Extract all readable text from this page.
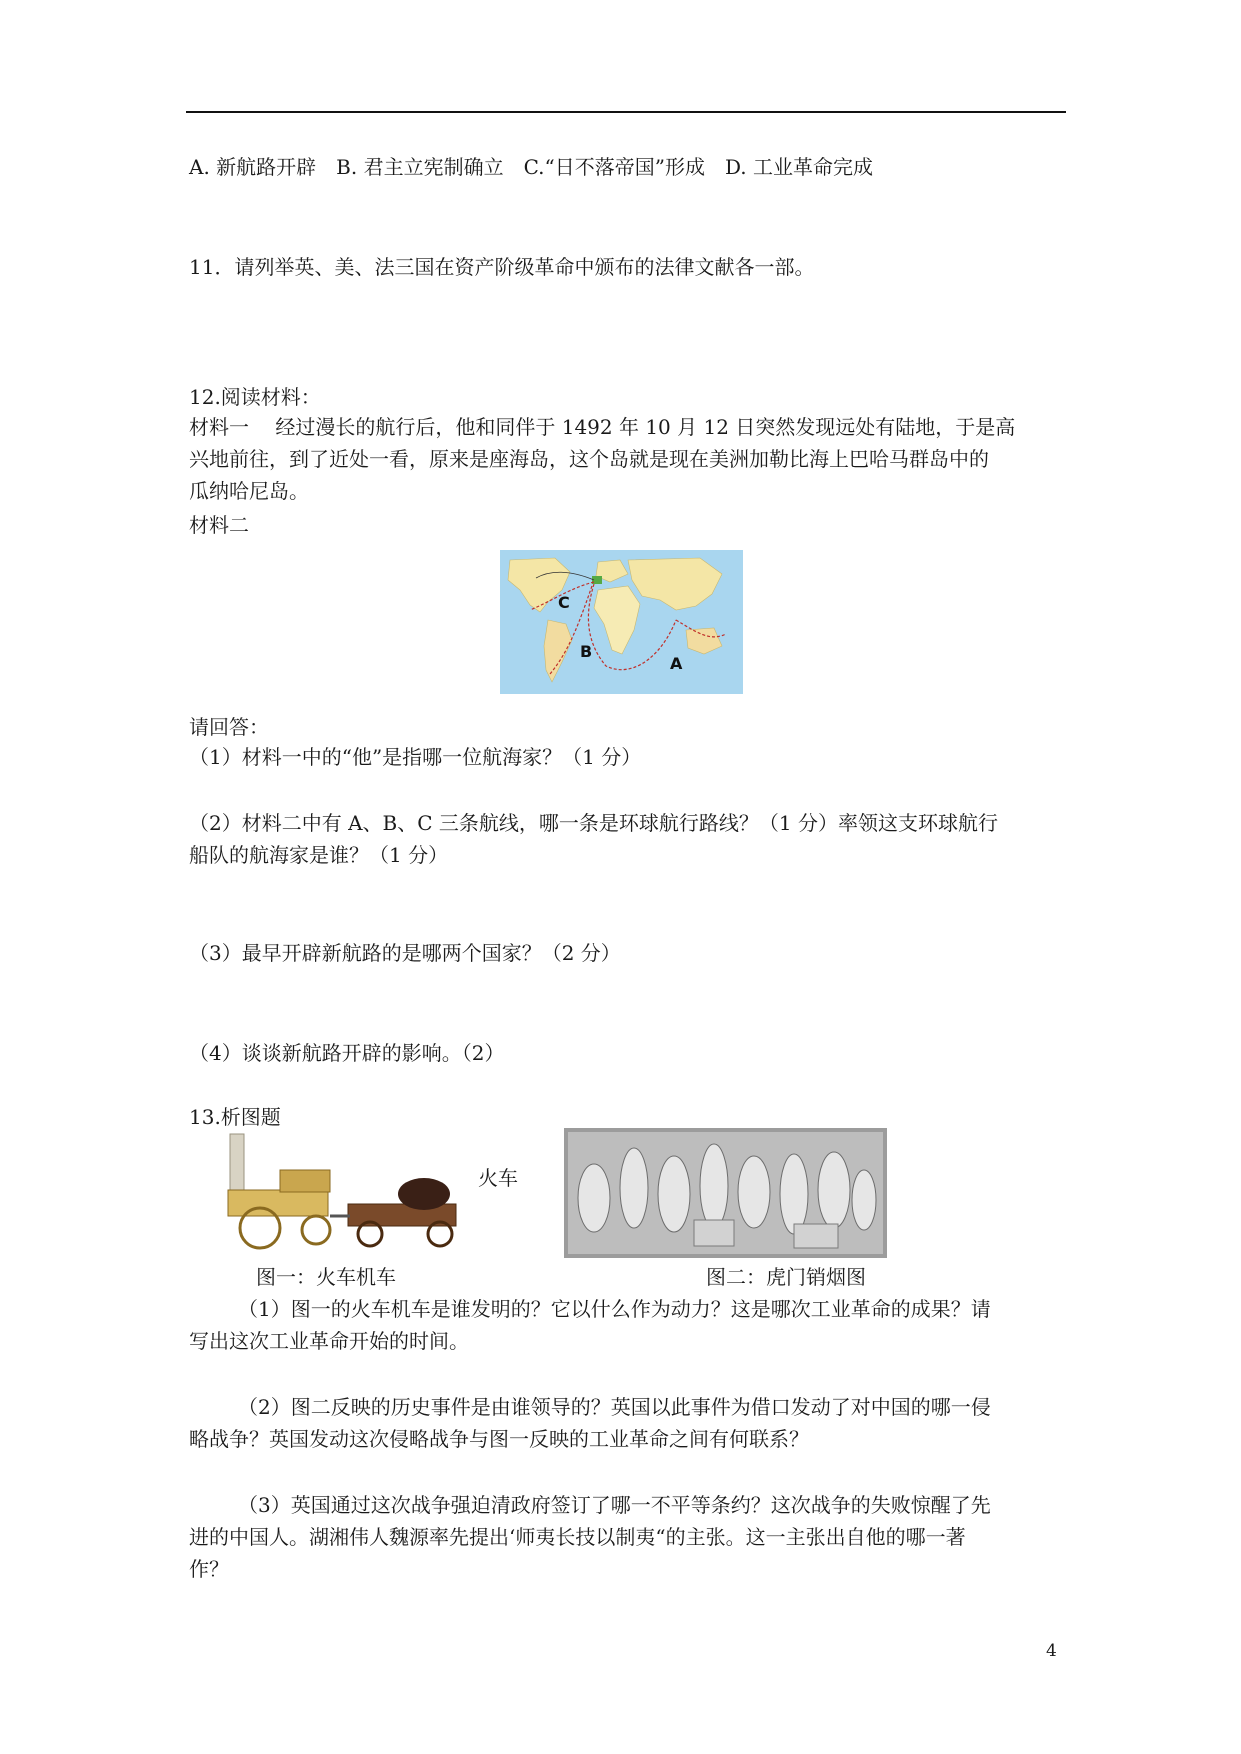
A. 新航路开辟　B. 君主立宪制确立　C.“日不落帝国”形成　D. 工业革命完成
11．请列举英、美、法三国在资产阶级革命中颁布的法律文献各一部。
12.阅读材料：
材料一　 经过漫长的航行后，他和同伴于 1492 年 10 月 12 日突然发现远处有陆地，于是高
兴地前往，到了近处一看，原来是座海岛，这个岛就是现在美洲加勒比海上巴哈马群岛中的
瓜纳哈尼岛。
材料二
C
B
A
请回答：
（1）材料一中的“他”是指哪一位航海家？（1 分）
（2）材料二中有 A、B、C 三条航线，哪一条是环球航行路线？（1 分）率领这支环球航行
船队的航海家是谁？（1 分）
（3）最早开辟新航路的是哪两个国家？（2 分）
（4）谈谈新航路开辟的影响。（2）
13.析图题
火车
图一：火车机车	图二：虎门销烟图
（1）图一的火车机车是谁发明的？它以什么作为动力？这是哪次工业革命的成果？请
写出这次工业革命开始的时间。
（2）图二反映的历史事件是由谁领导的？英国以此事件为借口发动了对中国的哪一侵
略战争？英国发动这次侵略战争与图一反映的工业革命之间有何联系？
（3）英国通过这次战争强迫清政府签订了哪一不平等条约？这次战争的失败惊醒了先
进的中国人。湖湘伟人魏源率先提出‘师夷长技以制夷“的主张。这一主张出自他的哪一著
作？
4
